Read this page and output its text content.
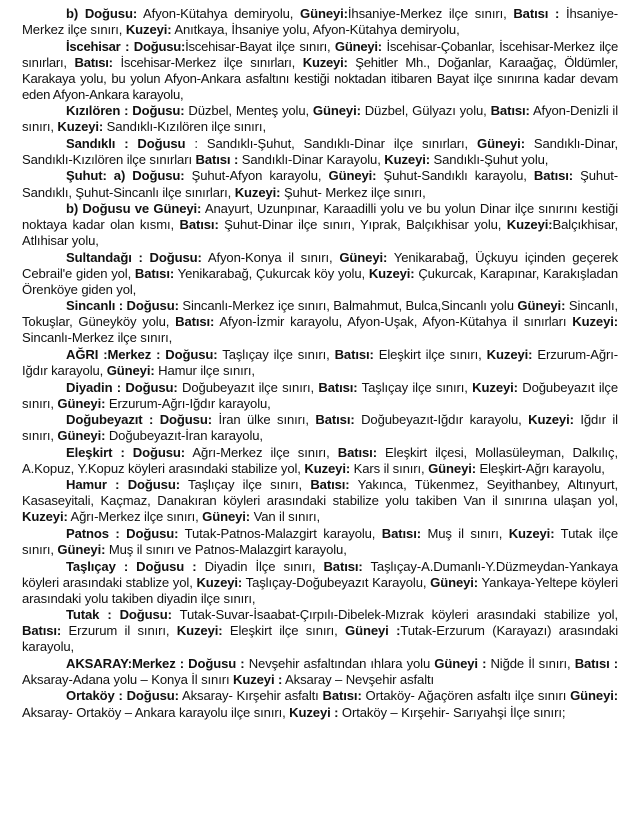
b) Doğusu: Afyon-Kütahya demiryolu, Güneyi:İhsaniye-Merkez ilçe sınırı, Batısı : İhsaniye-Merkez ilçe sınırı, Kuzeyi: Anıtkaya, İhsaniye yolu, Afyon-Kütahya demiryolu,

İscehisar : Doğusu:İscehisar-Bayat ilçe sınırı, Güneyi: İscehisar-Çobanlar, İscehisar-Merkez ilçe sınırları, Batısı: İscehisar-Merkez ilçe sınırları, Kuzeyi: Şehitler Mh., Doğanlar, Karaağaç, Öldümler, Karakaya yolu, bu yolun Afyon-Ankara asfaltını kestiği noktadan itibaren Bayat ilçe sınırına kadar devam eden Afyon-Ankara karayolu,

Kızılören : Doğusu: Düzbel, Menteş yolu, Güneyi: Düzbel, Gülyazı yolu, Batısı: Afyon-Denizli il sınırı, Kuzeyi: Sandıklı-Kızılören ilçe sınırı,

Sandıklı : Doğusu : Sandıklı-Şuhut, Sandıklı-Dinar ilçe sınırları, Güneyi: Sandıklı-Dinar, Sandıklı-Kızılören ilçe sınırları Batısı : Sandıklı-Dinar Karayolu, Kuzeyi: Sandıklı-Şuhut yolu,

Şuhut: a) Doğusu: Şuhut-Afyon karayolu, Güneyi: Şuhut-Sandıklı karayolu, Batısı: Şuhut-Sandıklı, Şuhut-Sincanlı ilçe sınırları, Kuzeyi: Şuhut- Merkez ilçe sınırı,

b) Doğusu ve Güneyi: Anayurt, Uzunpınar, Karaadilli yolu ve bu yolun Dinar ilçe sınırını kestiği noktaya kadar olan kısmı, Batısı: Şuhut-Dinar ilçe sınırı, Yıprak, Balçıkhisar yolu, Kuzeyi:Balçıkhisar, Atlıhisar yolu,

Sultandağı : Doğusu: Afyon-Konya il sınırı, Güneyi: Yenikarabağ, Üçkuyu içinden geçerek Cebrail'e giden yol, Batısı: Yenikarabağ, Çukurcak köy yolu, Kuzeyi: Çukurcak, Karapınar, Karakışladan Örenköye giden yol,

Sincanlı : Doğusu: Sincanlı-Merkez içe sınırı, Balmahmut, Bulca,Sincanlı yolu Güneyi: Sincanlı, Tokuşlar, Güneyköy yolu, Batısı: Afyon-İzmir karayolu, Afyon-Uşak, Afyon-Kütahya il sınırları Kuzeyi: Sincanlı-Merkez ilçe sınırı,

AĞRI :Merkez : Doğusu: Taşlıçay ilçe sınırı, Batısı: Eleşkirt ilçe sınırı, Kuzeyi: Erzurum-Ağrı-Iğdır karayolu, Güneyi: Hamur ilçe sınırı,

Diyadin : Doğusu: Doğubeyazıt ilçe sınırı, Batısı: Taşlıçay ilçe sınırı, Kuzeyi: Doğubeyazıt ilçe sınırı, Güneyi: Erzurum-Ağrı-Iğdır karayolu,

Doğubeyazıt : Doğusu: İran ülke sınırı, Batısı: Doğubeyazıt-Iğdır karayolu, Kuzeyi: Iğdır il sınırı, Güneyi: Doğubeyazıt-İran karayolu,

Eleşkirt : Doğusu: Ağrı-Merkez ilçe sınırı, Batısı: Eleşkirt ilçesi, Mollasüleyman, Dalkılıç, A.Kopuz, Y.Kopuz köyleri arasındaki stabilize yol, Kuzeyi: Kars il sınırı, Güneyi: Eleşkirt-Ağrı karayolu,

Hamur : Doğusu: Taşlıçay ilçe sınırı, Batısı: Yakınca, Tükenmez, Seyithanbey, Altınyurt, Kasaseyitali, Kaçmaz, Danakıran köyleri arasındaki stabilize yolu takiben Van il sınırına ulaşan yol, Kuzeyi: Ağrı-Merkez ilçe sınırı, Güneyi: Van il sınırı,

Patnos : Doğusu: Tutak-Patnos-Malazgirt karayolu, Batısı: Muş il sınırı, Kuzeyi: Tutak ilçe sınırı, Güneyi: Muş il sınırı ve Patnos-Malazgirt karayolu,

Taşlıçay : Doğusu : Diyadin İlçe sınırı, Batısı: Taşlıçay-A.Dumanlı-Y.Düzmeydan-Yankaya köyleri arasındaki stablize yol, Kuzeyi: Taşlıçay-Doğubeyazıt Karayolu, Güneyi: Yankaya-Yeltepe köyleri arasındaki yolu takiben diyadin ilçe sınırı,

Tutak : Doğusu: Tutak-Suvar-İsaabat-Çırpılı-Dibelek-Mızrak köyleri arasındaki stabilize yol, Batısı: Erzurum il sınırı, Kuzeyi: Eleşkirt ilçe sınırı, Güneyi :Tutak-Erzurum (Karayazı) arasındaki karayolu,

AKSARAY:Merkez : Doğusu : Nevşehir asfaltından ıhlara yolu Güneyi : Niğde İl sınırı, Batısı : Aksaray-Adana yolu – Konya İl sınırı Kuzeyi : Aksaray – Nevşehir asfaltı

Ortaköy : Doğusu: Aksaray- Kırşehir asfaltı Batısı: Ortaköy- Ağaçören asfaltı ilçe sınırı Güneyi: Aksaray- Ortaköy – Ankara karayolu ilçe sınırı, Kuzeyi : Ortaköy – Kırşehir- Sarıyahşi İlçe sınırı;
